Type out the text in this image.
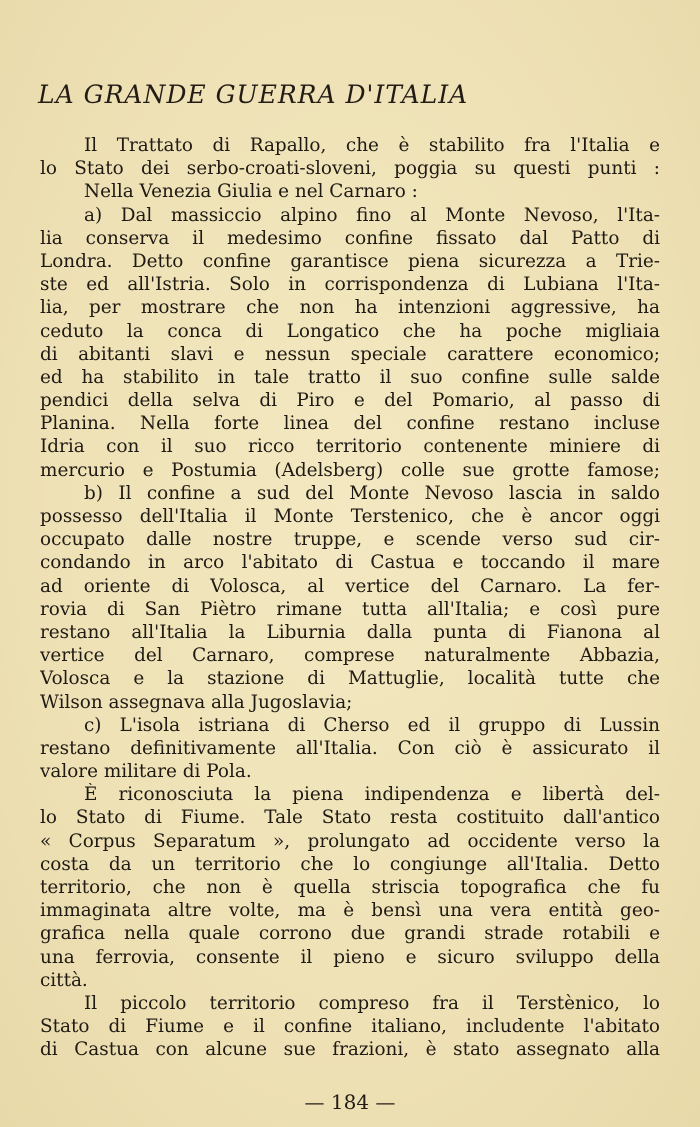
LA GRANDE GUERRA D'ITALIA
Il Trattato di Rapallo, che è stabilito fra l'Italia e
lo Stato dei serbo-croati-sloveni, poggia su questi punti :
Nella Venezia Giulia e nel Carnaro :
a) Dal massiccio alpino fino al Monte Nevoso, l'Ita-
lia conserva il medesimo confine fissato dal Patto di
Londra. Detto confine garantisce piena sicurezza a Trie-
ste ed all'Istria. Solo in corrispondenza di Lubiana l'Ita-
lia, per mostrare che non ha intenzioni aggressive, ha
ceduto la conca di Longatico che ha poche migliaia
di abitanti slavi e nessun speciale carattere economico;
ed ha stabilito in tale tratto il suo confine sulle salde
pendici della selva di Piro e del Pomario, al passo di
Planina. Nella forte linea del confine restano incluse
Idria con il suo ricco territorio contenente miniere di
mercurio e Postumia (Adelsberg) colle sue grotte famose;
b) Il confine a sud del Monte Nevoso lascia in saldo
possesso dell'Italia il Monte Terstenico, che è ancor oggi
occupato dalle nostre truppe, e scende verso sud cir-
condando in arco l'abitato di Castua e toccando il mare
ad oriente di Volosca, al vertice del Carnaro. La fer-
rovia di San Piètro rimane tutta all'Italia; e così pure
restano all'Italia la Liburnia dalla punta di Fianona al
vertice del Carnaro, comprese naturalmente Abbazia,
Volosca e la stazione di Mattuglie, località tutte che
Wilson assegnava alla Jugoslavia;
c) L'isola istriana di Cherso ed il gruppo di Lussin
restano definitivamente all'Italia. Con ciò è assicurato il
valore militare di Pola.
È riconosciuta la piena indipendenza e libertà del-
lo Stato di Fiume. Tale Stato resta costituito dall'antico
« Corpus Separatum », prolungato ad occidente verso la
costa da un territorio che lo congiunge all'Italia. Detto
territorio, che non è quella striscia topografica che fu
immaginata altre volte, ma è bensì una vera entità geo-
grafica nella quale corrono due grandi strade rotabili e
una ferrovia, consente il pieno e sicuro sviluppo della
città.
Il piccolo territorio compreso fra il Terstènico, lo
Stato di Fiume e il confine italiano, includente l'abitato
di Castua con alcune sue frazioni, è stato assegnato alla
— 184 —
